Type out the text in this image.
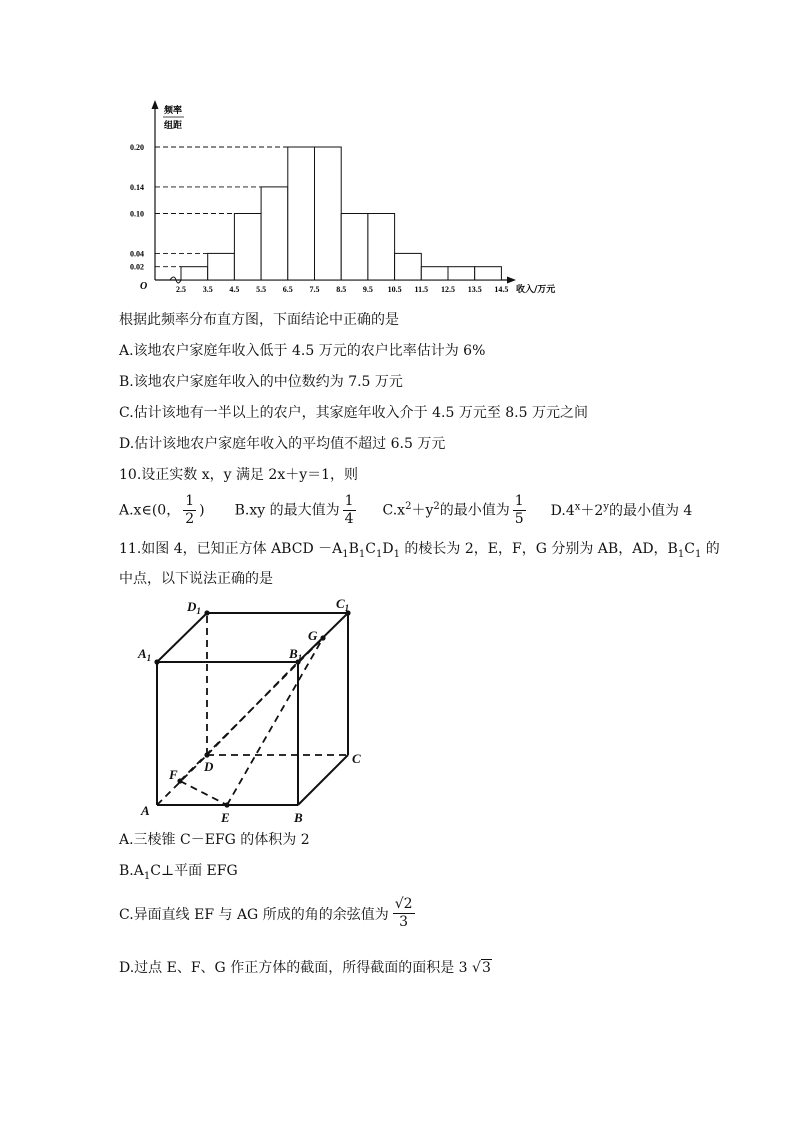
频率
组距
收入/万元
O
0.20
0.14
0.10
0.04
0.02
2.5 3.5 4.5 5.5 6.5 7.5 8.5 9.5 10.5 11.5 12.5 13.5 14.5
根据此频率分布直方图，下面结论中正确的是
A.该地农户家庭年收入低于 4.5 万元的农户比率估计为 6%
B.该地农户家庭年收入的中位数约为 7.5 万元
C.估计该地有一半以上的农户，其家庭年收入介于 4.5 万元至 8.5 万元之间
D.估计该地农户家庭年收入的平均值不超过 6.5 万元
10.设正实数 x，y 满足 2x＋y＝1，则
A.x∈(0， $\frac{1}{2}$ ) B.xy 的最大值为 $\frac{1}{4} C.x^2+y^2$的最小值为 $\frac{1}{5} D.4^x+2^y$的最小值为 4
11.如图 4，已知正方体 ABCD $-A_1B_1C_1D_1$ 的棱长为 2，E，F，G 分别为 AB，AD，$B_1C_1$ 的
中点，以下说法正确的是
$D_1$	$C_1$
G
$A_1$	$B_1$
C
D
F
A	E	B
A.三棱锥 C－EFG 的体积为 2
$B.A_1C\perp$平面 EFG
C.异面直线 EF 与 AG 所成的角的余弦值为 $\frac{√2}{3}$
D.过点 E、F、G 作正方体的截面，所得截面的面积是 3 √3
